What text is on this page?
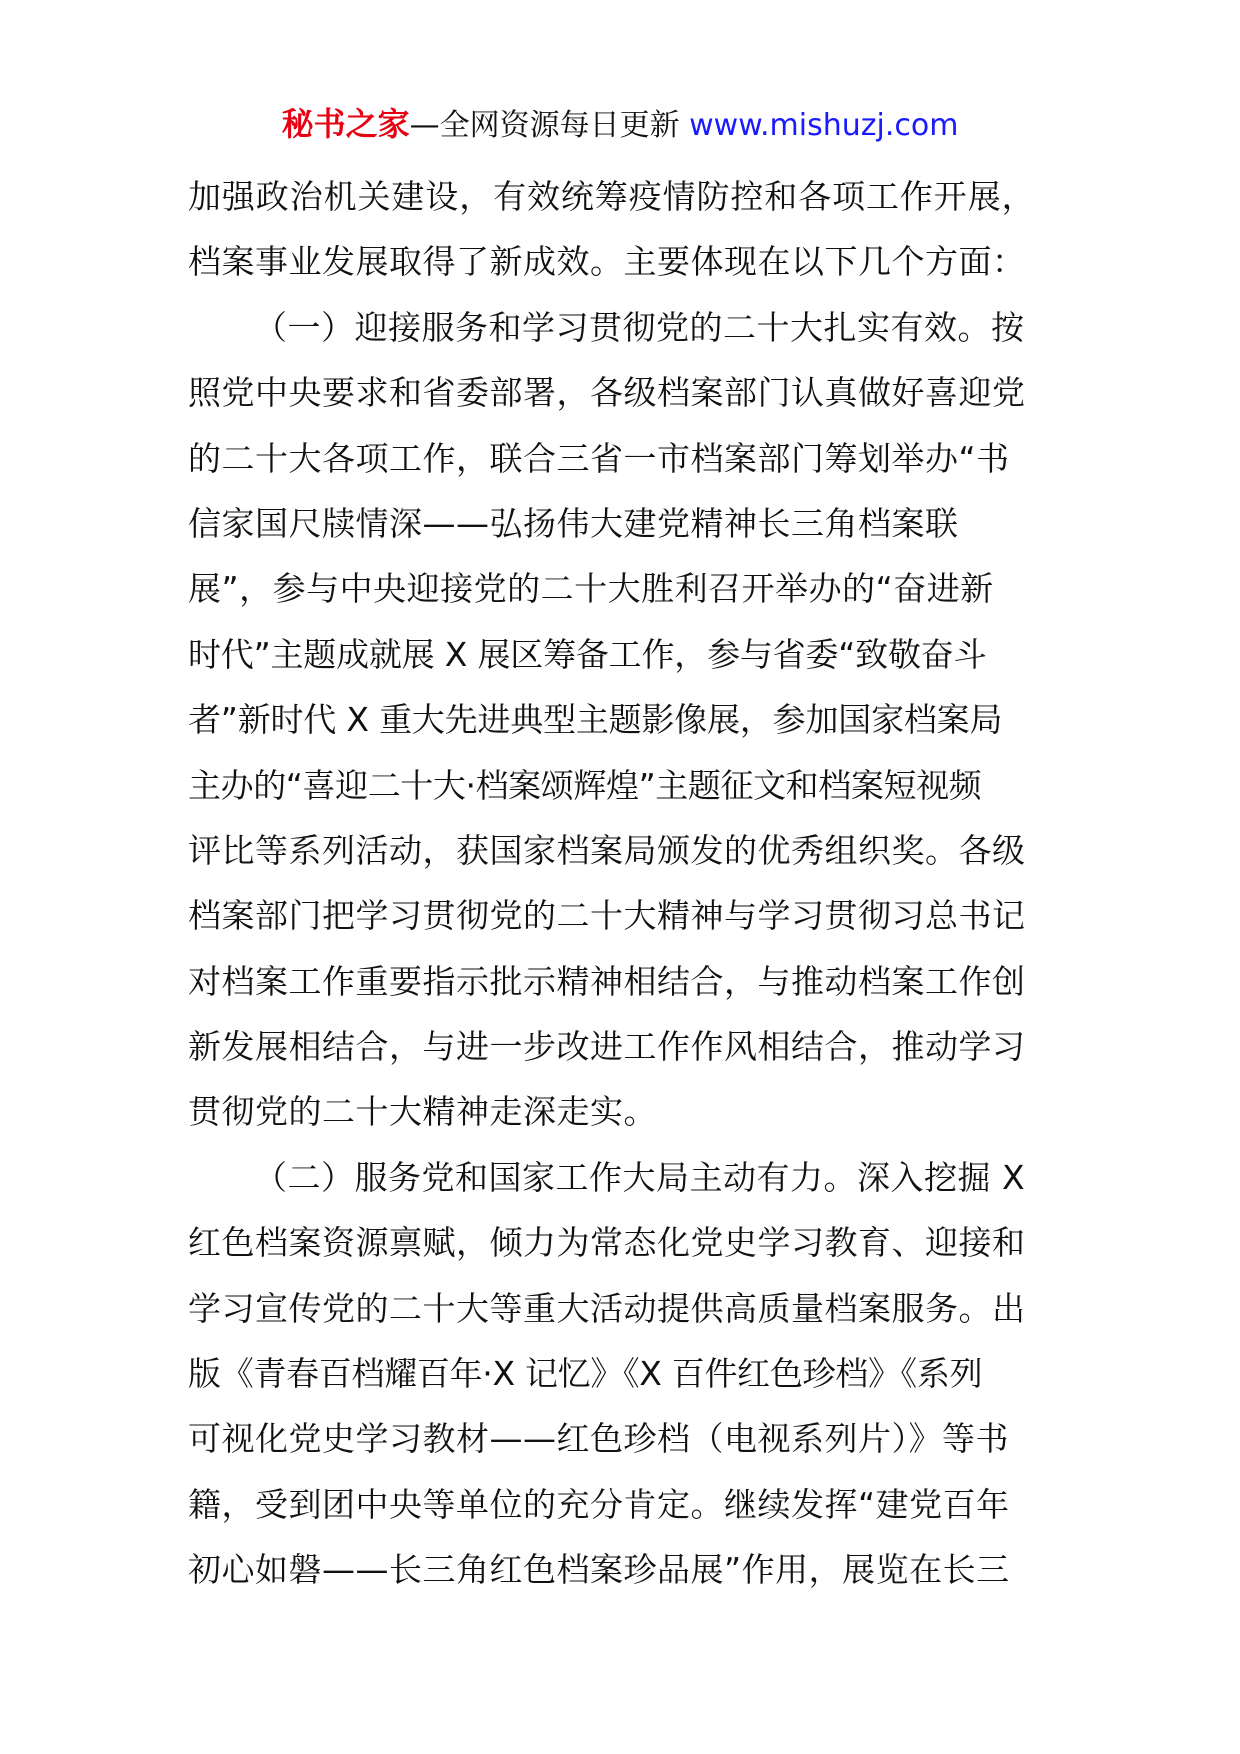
秘书之家—全网资源每日更新 www.mishuzj.com
加强政治机关建设，有效统筹疫情防控和各项工作开展，
档案事业发展取得了新成效。主要体现在以下几个方面：
（一）迎接服务和学习贯彻党的二十大扎实有效。按
照党中央要求和省委部署，各级档案部门认真做好喜迎党
的二十大各项工作，联合三省一市档案部门筹划举办“书
信家国尺牍情深——弘扬伟大建党精神长三角档案联
展”，参与中央迎接党的二十大胜利召开举办的“奋进新
时代”主题成就展 X 展区筹备工作，参与省委“致敬奋斗
者”新时代 X 重大先进典型主题影像展，参加国家档案局
主办的“喜迎二十大·档案颂辉煌”主题征文和档案短视频
评比等系列活动，获国家档案局颁发的优秀组织奖。各级
档案部门把学习贯彻党的二十大精神与学习贯彻习总书记
对档案工作重要指示批示精神相结合，与推动档案工作创
新发展相结合，与进一步改进工作作风相结合，推动学习
贯彻党的二十大精神走深走实。
（二）服务党和国家工作大局主动有力。深入挖掘 X
红色档案资源禀赋，倾力为常态化党史学习教育、迎接和
学习宣传党的二十大等重大活动提供高质量档案服务。出
版《青春百档耀百年·X 记忆》《X 百件红色珍档》《系列
可视化党史学习教材——红色珍档（电视系列片）》等书
籍，受到团中央等单位的充分肯定。继续发挥“建党百年
初心如磐——长三角红色档案珍品展”作用，展览在长三
